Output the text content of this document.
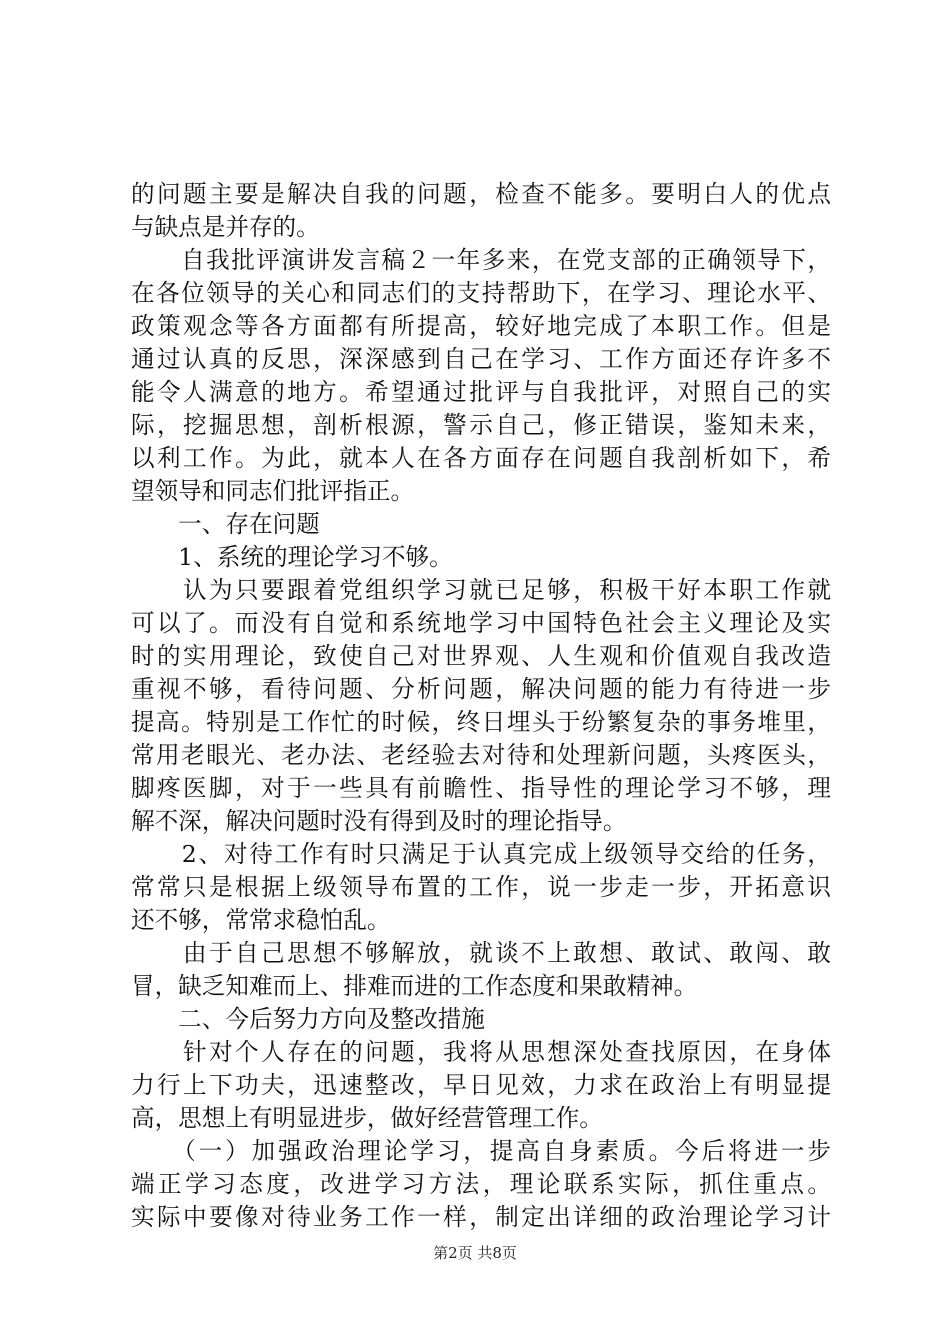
的问题主要是解决自我的问题，检查不能多。要明白人的优点
与缺点是并存的。
　　自我批评演讲发言稿２一年多来，在党支部的正确领导下，
在各位领导的关心和同志们的支持帮助下，在学习、理论水平、
政策观念等各方面都有所提高，较好地完成了本职工作。但是
通过认真的反思，深深感到自己在学习、工作方面还存许多不
能令人满意的地方。希望通过批评与自我批评，对照自己的实
际，挖掘思想，剖析根源，警示自己，修正错误，鉴知未来，
以利工作。为此，就本人在各方面存在问题自我剖析如下，希
望领导和同志们批评指正。
　　一、存在问题
　　1、系统的理论学习不够。
　　认为只要跟着党组织学习就已足够，积极干好本职工作就
可以了。而没有自觉和系统地学习中国特色社会主义理论及实
时的实用理论，致使自己对世界观、人生观和价值观自我改造
重视不够，看待问题、分析问题，解决问题的能力有待进一步
提高。特别是工作忙的时候，终日埋头于纷繁复杂的事务堆里，
常用老眼光、老办法、老经验去对待和处理新问题，头疼医头，
脚疼医脚，对于一些具有前瞻性、指导性的理论学习不够，理
解不深，解决问题时没有得到及时的理论指导。
　　2、对待工作有时只满足于认真完成上级领导交给的任务，
常常只是根据上级领导布置的工作，说一步走一步，开拓意识
还不够，常常求稳怕乱。
　　由于自己思想不够解放，就谈不上敢想、敢试、敢闯、敢
冒，缺乏知难而上、排难而进的工作态度和果敢精神。
　　二、今后努力方向及整改措施
　　针对个人存在的问题，我将从思想深处查找原因，在身体
力行上下功夫，迅速整改，早日见效，力求在政治上有明显提
高，思想上有明显进步，做好经营管理工作。
　　（一）加强政治理论学习，提高自身素质。今后将进一步
端正学习态度，改进学习方法，理论联系实际，抓住重点。
实际中要像对待业务工作一样，制定出详细的政治理论学习计
第2页 共8页
